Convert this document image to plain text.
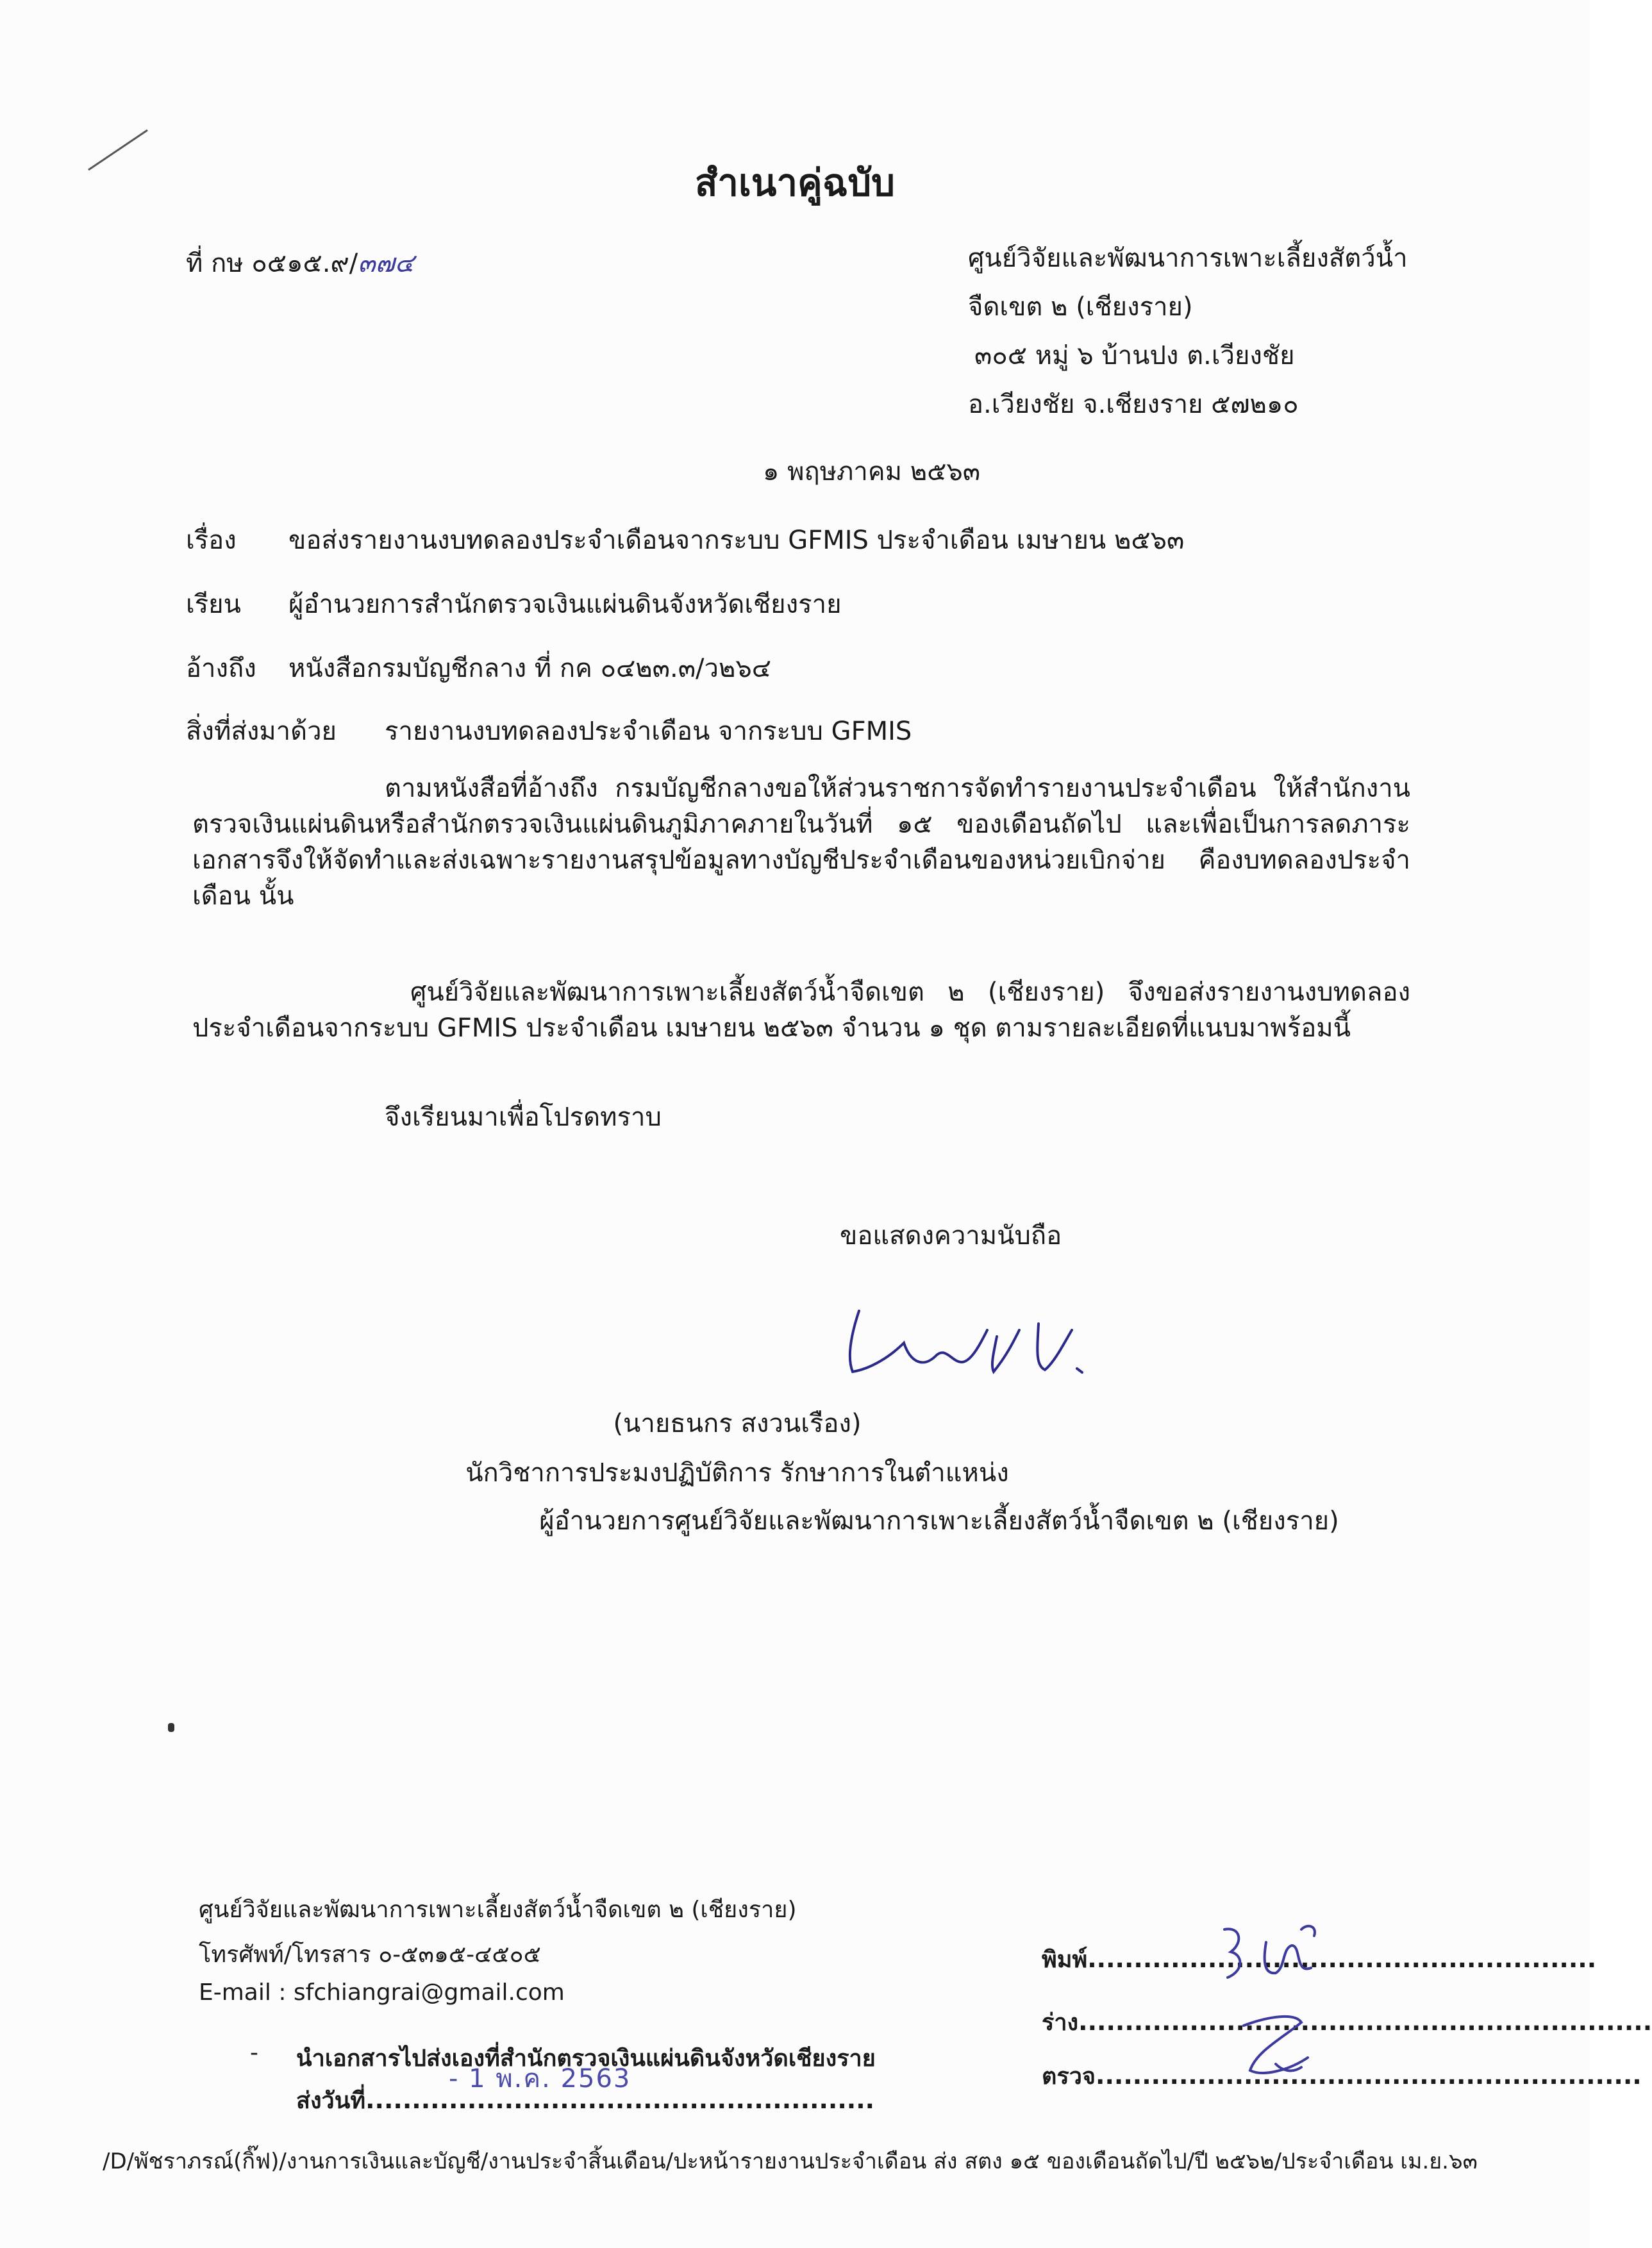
สำเนาคู่ฉบับ
ที่ กษ ๐๕๑๕.๙/๓๗๔	ศูนย์วิจัยและพัฒนาการเพาะเลี้ยงสัตว์น้ำ
จืดเขต ๒ (เชียงราย)
๓๐๕ หมู่ ๖ บ้านปง ต.เวียงชัย
อ.เวียงชัย จ.เชียงราย ๕๗๒๑๐
๑ พฤษภาคม ๒๕๖๓
เรื่อง ขอส่งรายงานงบทดลองประจำเดือนจากระบบ GFMIS ประจำเดือน เมษายน ๒๕๖๓
เรียน ผู้อำนวยการสำนักตรวจเงินแผ่นดินจังหวัดเชียงราย
อ้างถึง หนังสือกรมบัญชีกลาง ที่ กค ๐๔๒๓.๓/ว๒๖๔
สิ่งที่ส่งมาด้วย รายงานงบทดลองประจำเดือน จากระบบ GFMIS
ตามหนังสือที่อ้างถึง กรมบัญชีกลางขอให้ส่วนราชการจัดทำรายงานประจำเดือน ให้สำนักงานตรวจเงินแผ่นดินหรือสำนักตรวจเงินแผ่นดินภูมิภาคภายในวันที่ ๑๕ ของเดือนถัดไป และเพื่อเป็นการลดภาระเอกสารจึงให้จัดทำและส่งเฉพาะรายงานสรุปข้อมูลทางบัญชีประจำเดือนของหน่วยเบิกจ่าย คืองบทดลองประจำเดือน นั้น
ศูนย์วิจัยและพัฒนาการเพาะเลี้ยงสัตว์น้ำจืดเขต ๒ (เชียงราย) จึงขอส่งรายงานงบทดลองประจำเดือนจากระบบ GFMIS ประจำเดือน เมษายน ๒๕๖๓ จำนวน ๑ ชุด ตามรายละเอียดที่แนบมาพร้อมนี้
จึงเรียนมาเพื่อโปรดทราบ
ขอแสดงความนับถือ
(นายธนกร สงวนเรือง)
นักวิชาการประมงปฏิบัติการ รักษาการในตำแหน่ง
ผู้อำนวยการศูนย์วิจัยและพัฒนาการเพาะเลี้ยงสัตว์น้ำจืดเขต ๒ (เชียงราย)
ศูนย์วิจัยและพัฒนาการเพาะเลี้ยงสัตว์น้ำจืดเขต ๒ (เชียงราย)
โทรศัพท์/โทรสาร ๐-๕๓๑๕-๔๕๐๕
E-mail : sfchiangrai@gmail.com
- นำเอกสารไปส่งเองที่สำนักตรวจเงินแผ่นดินจังหวัดเชียงราย
ส่งวันที่.......................................................
- 1 พ.ค. 2563
พิมพ์.......................................................
ร่าง..............................................................
ตรวจ...........................................................
/D/พัชราภรณ์(กิ๊ฟ)/งานการเงินและบัญชี/งานประจำสิ้นเดือน/ปะหน้ารายงานประจำเดือน ส่ง สตง ๑๕ ของเดือนถัดไป/ปี ๒๕๖๒/ประจำเดือน เม.ย.๖๓
